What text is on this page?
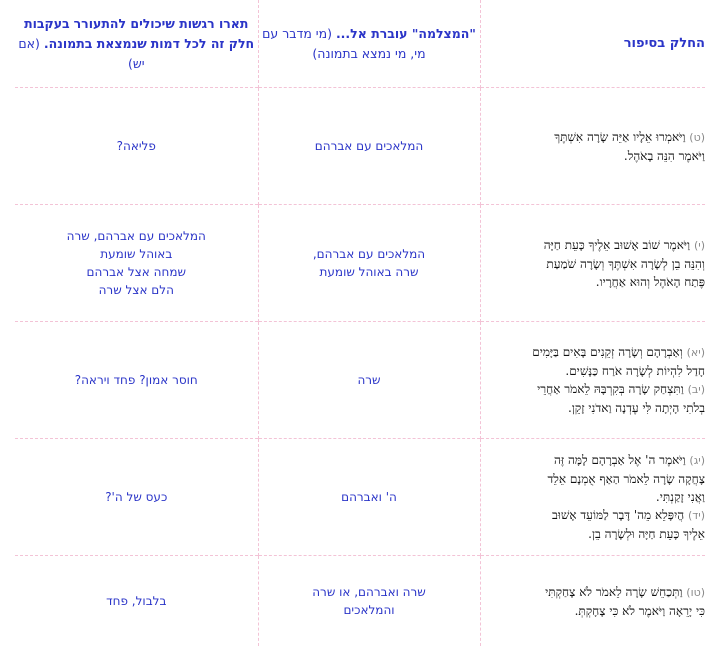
החלק בסיפור	"המצלמה" עוברת אל... (מי מדבר עם מי, מי נמצא בתמונה)	תארו רגשות שיכולים להתעורר בעקבות חלק זה לכל דמות שנמצאת בתמונה. (אם יש)

(ט) וַיֹּאמְרוּ אֵלָיו אַיֵּה שָׂרָה אִשְׁתֶּךָ
וַיֹּאמֶר הִנֵּה בָאֹהֶל.	המלאכים עם אברהם	פליאה?

(י) וַיֹּאמֶר שׁוֹב אָשׁוּב אֵלֶיךָ כָּעֵת חַיָּה
וְהִנֵּה בֵן לְשָׂרָה אִשְׁתֶּךָ וְשָׂרָה שֹׁמַעַת
פֶּתַח הָאֹהֶל וְהוּא אַחֲרָיו.	המלאכים עם אברהם,
שרה באוהל שומעת	המלאכים עם אברהם, שרה
באוהל שומעת
שמחה אצל אברהם
הלם אצל שרה

(יא) וְאַבְרָהָם וְשָׂרָה זְקֵנִים בָּאִים בַּיָּמִים
חָדַל לִהְיוֹת לְשָׂרָה אֹרַח כַּנָּשִׁים.
(יב) וַתִּצְחַק שָׂרָה בְּקִרְבָּהּ לֵאמֹר אַחֲרֵי
בְלֹתִי הָיְתָה לִּי עֶדְנָה וַאדֹנִי זָקֵן.	שרה	חוסר אמון? פחד ויראה?

(יג) וַיֹּאמֶר ה' אֶל אַבְרָהָם לָמָּה זֶּה
צָחֲקָה שָׂרָה לֵאמֹר הַאַף אֻמְנָם אֵלֵד
וַאֲנִי זָקַנְתִּי.
(יד) הֲיִפָּלֵא מֵה' דָּבָר לַמּוֹעֵד אָשׁוּב
אֵלֶיךָ כָּעֵת חַיָּה וּלְשָׂרָה בֵן.	ה' ואברהם	כעס של ה'?

(טו) וַתְּכַחֵשׁ שָׂרָה לֵאמֹר לֹא צָחַקְתִּי
כִּי יָרֵאָה וַיֹּאמֶר לֹא כִּי צָחָקְתְּ.	שרה ואברהם, או שרה
והמלאכים	בלבול, פחד
